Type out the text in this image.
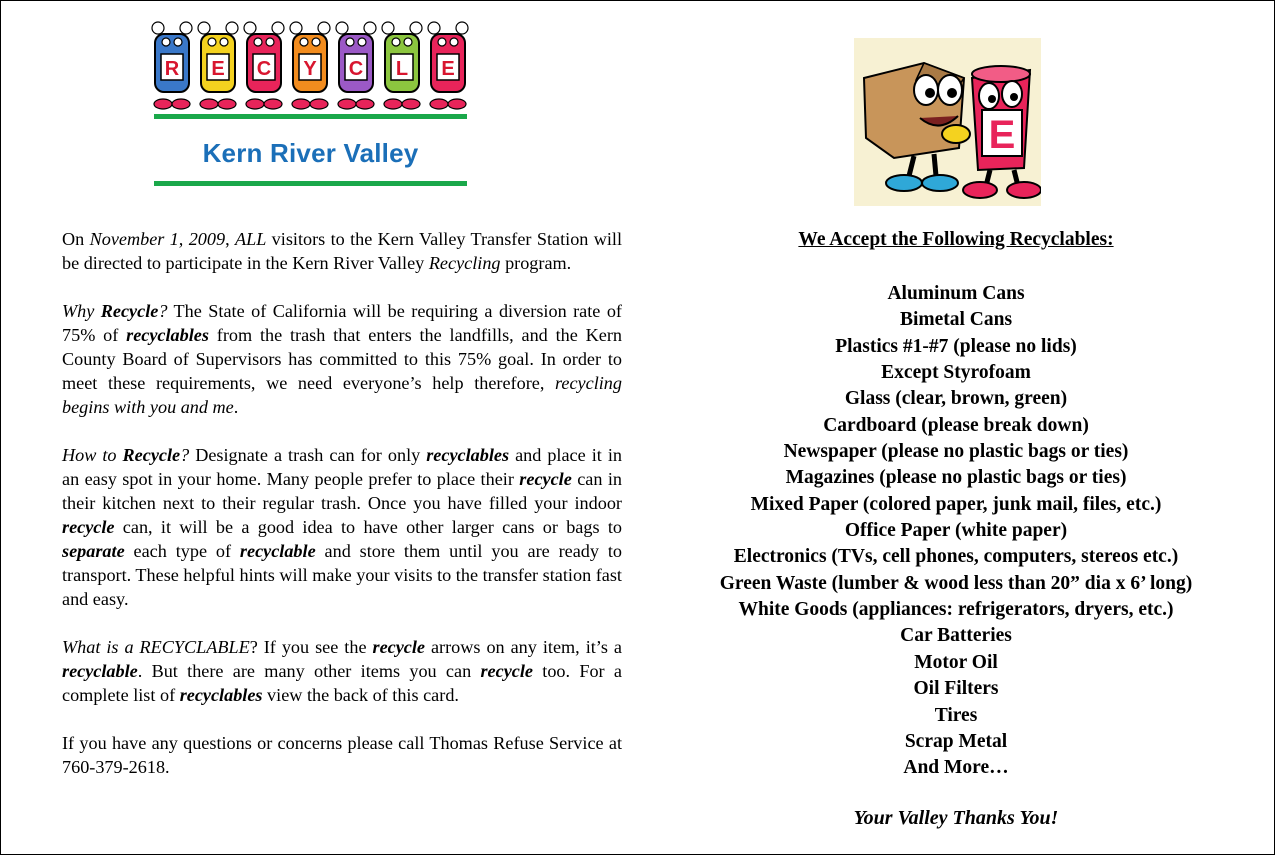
R E C Y C L E
Kern River Valley

On November 1, 2009, ALL visitors to the Kern Valley Transfer Station will be directed to participate in the Kern River Valley Recycling program.

Why Recycle? The State of California will be requiring a diversion rate of 75% of recyclables from the trash that enters the landfills, and the Kern County Board of Supervisors has committed to this 75% goal. In order to meet these requirements, we need everyone’s help therefore, recycling begins with you and me.

How to Recycle? Designate a trash can for only recyclables and place it in an easy spot in your home. Many people prefer to place their recycle can in their kitchen next to their regular trash. Once you have filled your indoor recycle can, it will be a good idea to have other larger cans or bags to separate each type of recyclable and store them until you are ready to transport. These helpful hints will make your visits to the transfer station fast and easy.

What is a RECYCLABLE? If you see the recycle arrows on any item, it’s a recyclable. But there are many other items you can recycle too. For a complete list of recyclables view the back of this card.

If you have any questions or concerns please call Thomas Refuse Service at 760-379-2618.

E
We Accept the Following Recyclables:
Aluminum Cans
Bimetal Cans
Plastics #1-#7 (please no lids)
Except Styrofoam
Glass (clear, brown, green)
Cardboard (please break down)
Newspaper (please no plastic bags or ties)
Magazines (please no plastic bags or ties)
Mixed Paper (colored paper, junk mail, files, etc.)
Office Paper (white paper)
Electronics (TVs, cell phones, computers, stereos etc.)
Green Waste (lumber & wood less than 20” dia x 6’ long)
White Goods (appliances: refrigerators, dryers, etc.)
Car Batteries
Motor Oil
Oil Filters
Tires
Scrap Metal
And More…
Your Valley Thanks You!
